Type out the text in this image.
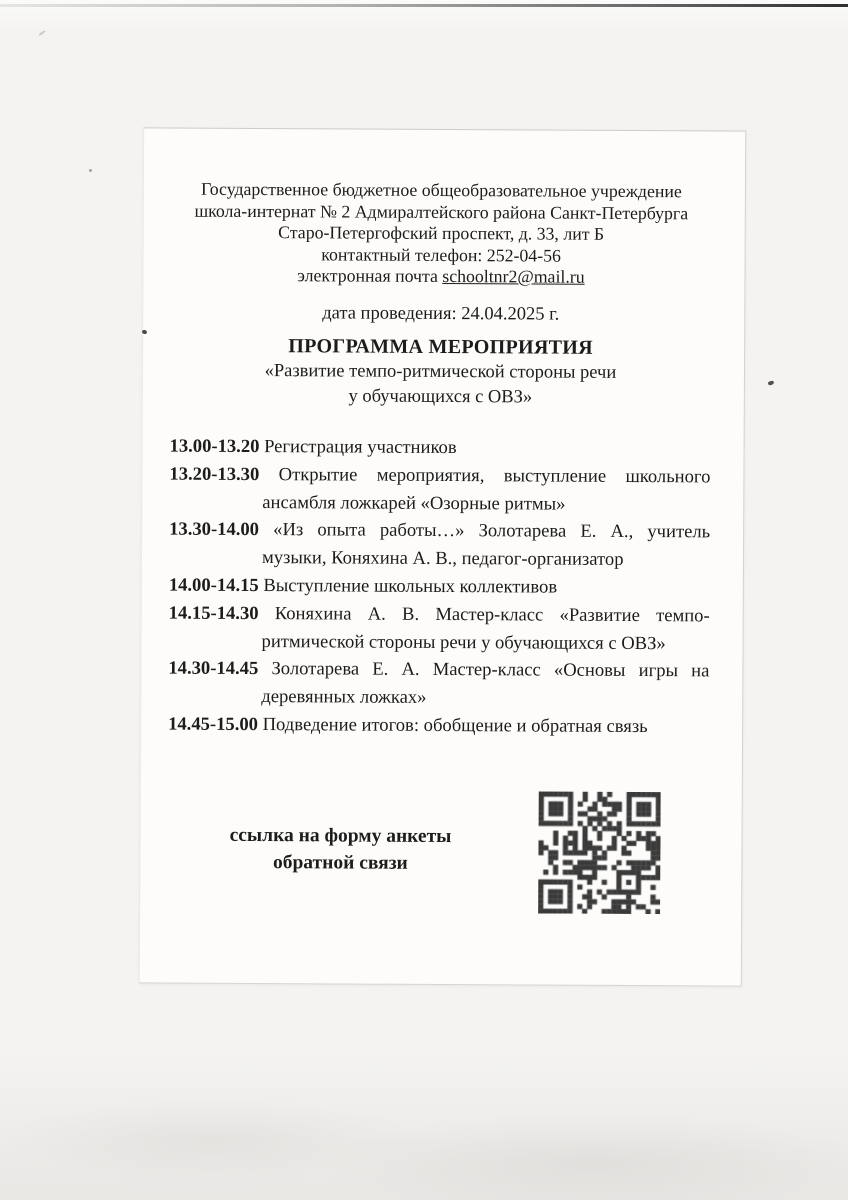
Государственное бюджетное общеобразовательное учреждение
школа-интернат № 2 Адмиралтейского района Санкт-Петербурга
Старо-Петергофский проспект, д. 33, лит Б
контактный телефон: 252-04-56
электронная почта schooltnr2@mail.ru
дата проведения: 24.04.2025 г.
ПРОГРАММА МЕРОПРИЯТИЯ
«Развитие темпо-ритмической стороны речи
у обучающихся с ОВЗ»
13.00-13.20 Регистрация участников
13.20-13.30 Открытие мероприятия, выступление школьного
ансамбля ложкарей «Озорные ритмы»
13.30-14.00 «Из опыта работы…» Золотарева Е. А., учитель
музыки, Коняхина А. В., педагог-организатор
14.00-14.15 Выступление школьных коллективов
14.15-14.30 Коняхина А. В. Мастер-класс «Развитие темпо-
ритмической стороны речи у обучающихся с ОВЗ»
14.30-14.45 Золотарева Е. А. Мастер-класс «Основы игры на
деревянных ложках»
14.45-15.00 Подведение итогов: обобщение и обратная связь
ссылка на форму анкеты
обратной связи
